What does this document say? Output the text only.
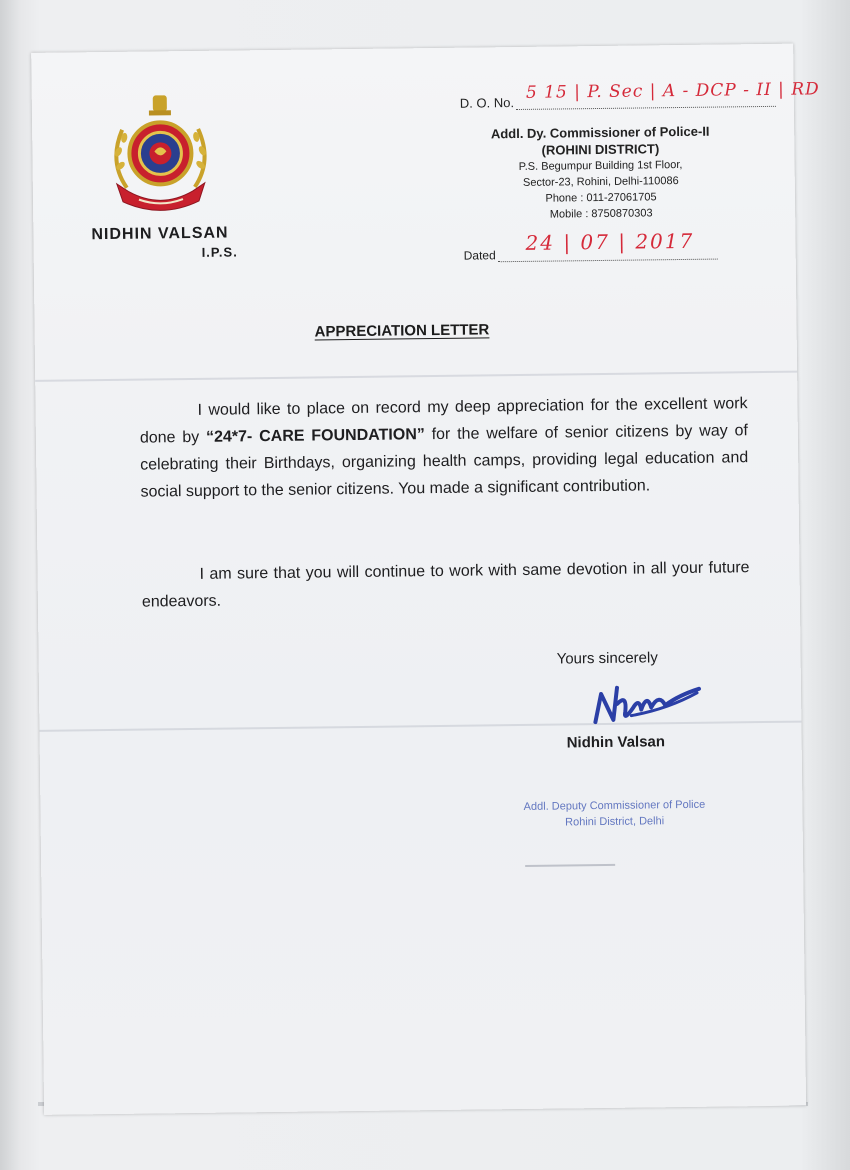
NIDHIN VALSAN
I.P.S.
D. O. No. 5 15 | P. Sec | A - DCP - II | RD
Addl. Dy. Commissioner of Police-II
(ROHINI DISTRICT)
P.S. Begumpur Building 1st Floor,
Sector-23, Rohini, Delhi-110086
Phone : 011-27061705
Mobile : 8750870303
Dated
24 | 07 | 2017
APPRECIATION LETTER

I would like to place on record my deep appreciation for the excellent work done by “24*7- CARE FOUNDATION” for the welfare of senior citizens by way of celebrating their Birthdays, organizing health camps, providing legal education and social support to the senior citizens. You made a significant contribution.

I am sure that you will continue to work with same devotion in all your future endeavors.

Yours sincerely
Nidhin Valsan
Addl. Deputy Commissioner of Police
Rohini District, Delhi
